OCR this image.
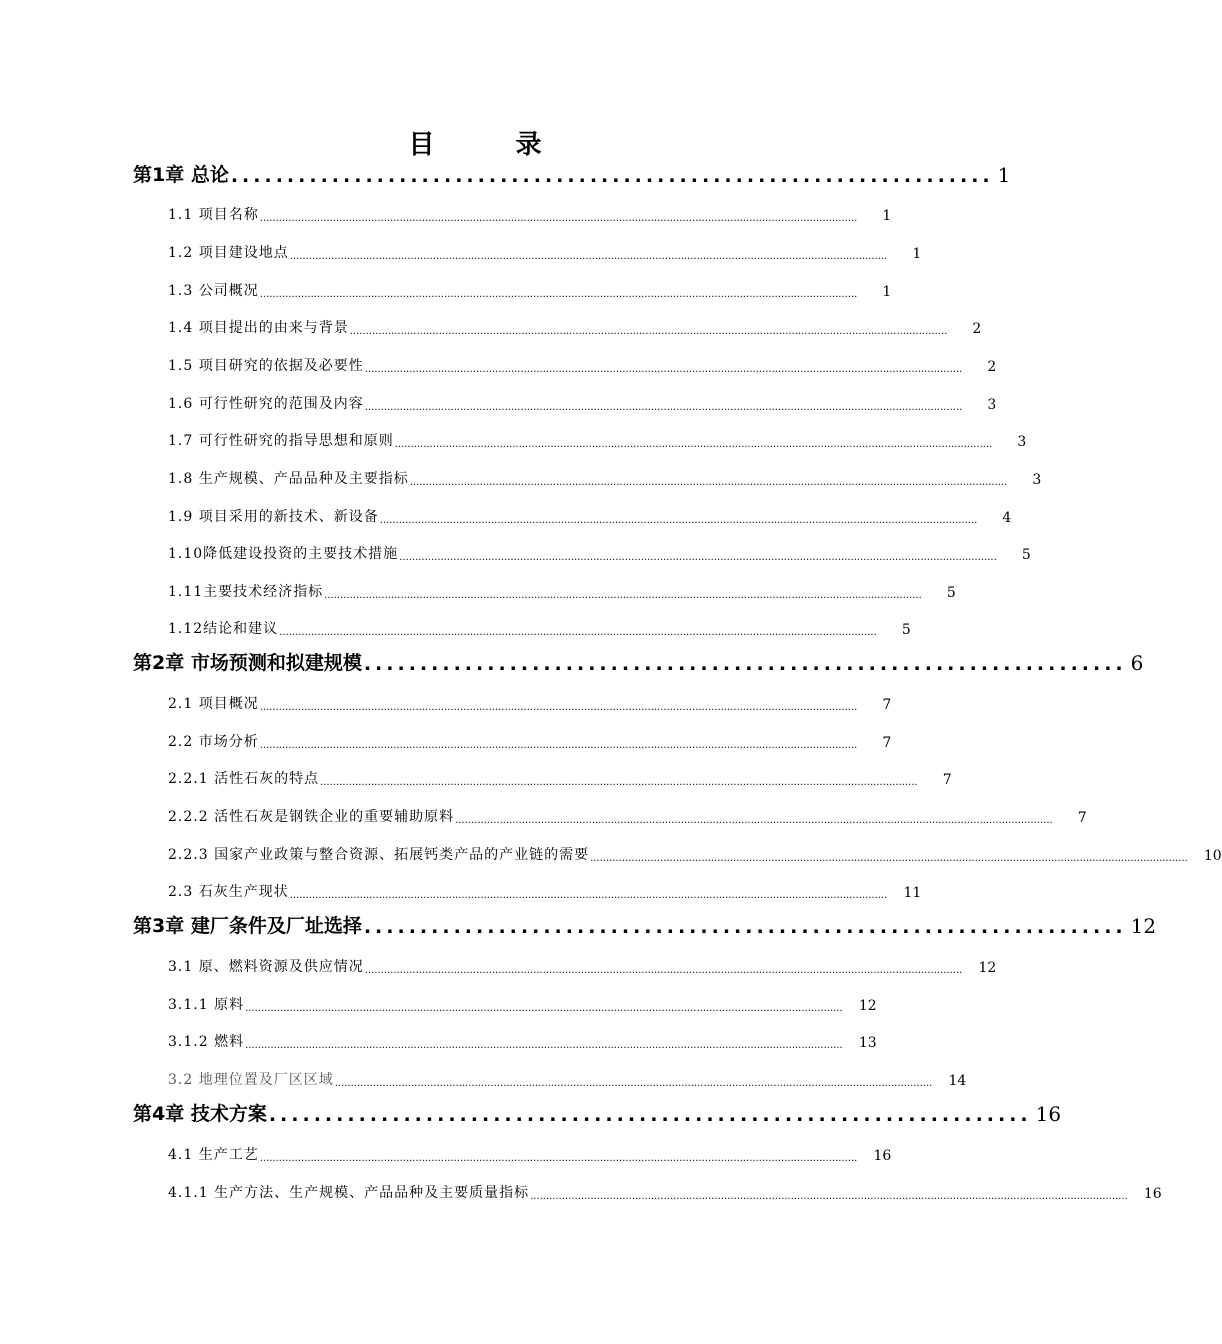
目 录
第1章 总论 .................................................................... 1
1.1 项目名称 ............................................................................................................................................................................................	1
1.2 项目建设地点 ............................................................................................................................................................................................	1
1.3 公司概况 ............................................................................................................................................................................................	1
1.4 项目提出的由来与背景 ............................................................................................................................................................................................	2
1.5 项目研究的依据及必要性 ............................................................................................................................................................................................	2
1.6 可行性研究的范围及内容 ............................................................................................................................................................................................	3
1.7 可行性研究的指导思想和原则 ............................................................................................................................................................................................	3
1.8 生产规模、产品品种及主要指标 ............................................................................................................................................................................................	3
1.9 项目采用的新技术、新设备 ............................................................................................................................................................................................	4
1.10降低建设投资的主要技术措施 ............................................................................................................................................................................................	5
1.11主要技术经济指标 ............................................................................................................................................................................................	5
1.12结论和建议 ............................................................................................................................................................................................	5
第2章 市场预测和拟建规模 .................................................................... 6
2.1 项目概况 ............................................................................................................................................................................................	7
2.2 市场分析 ............................................................................................................................................................................................	7
2.2.1 活性石灰的特点 ............................................................................................................................................................................................	7
2.2.2 活性石灰是钢铁企业的重要辅助原料 ............................................................................................................................................................................................	7
2.2.3 国家产业政策与整合资源、拓展钙类产品的产业链的需要 ............................................................................................................................................................................................	10
2.3 石灰生产现状 ............................................................................................................................................................................................	11
第3章 建厂条件及厂址选择 .................................................................... 12
3.1 原、燃料资源及供应情况 ............................................................................................................................................................................................	12
3.1.1 原料 ............................................................................................................................................................................................	12
3.1.2 燃料 ............................................................................................................................................................................................	13
3.2 地理位置及厂区区域 ............................................................................................................................................................................................	14
第4章 技术方案 .................................................................... 16
4.1 生产工艺 ............................................................................................................................................................................................	16
4.1.1 生产方法、生产规模、产品品种及主要质量指标 ............................................................................................................................................................................................	16
